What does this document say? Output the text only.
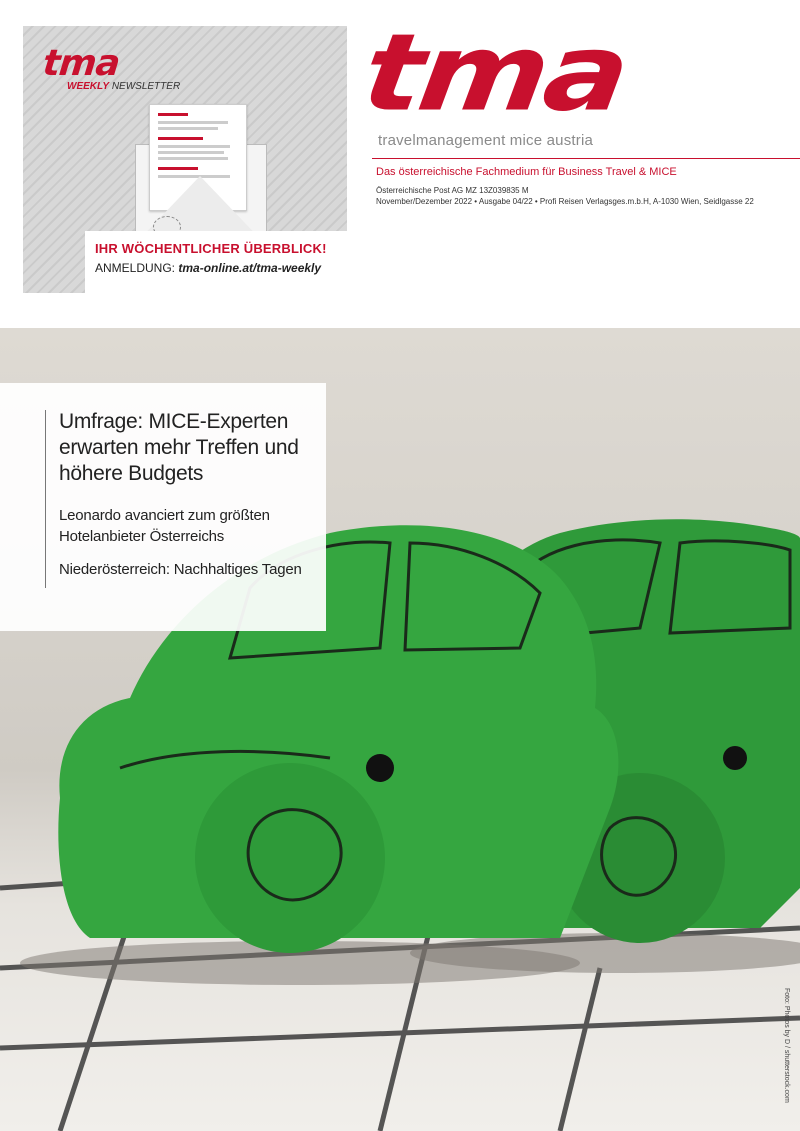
tma
WEEKLY NEWSLETTER
IHR WÖCHENTLICHER ÜBERBLICK!
ANMELDUNG: tma-online.at/tma-weekly
tma
travelmanagement mice austria
Das österreichische Fachmedium für Business Travel & MICE
Österreichische Post AG MZ 13Z039835 M
November/Dezember 2022 • Ausgabe 04/22 • Profi Reisen Verlagsges.m.b.H, A-1030 Wien, Seidlgasse 22
Foto: Photos by D / shutterstock.com
Umfrage: MICE-Experten erwarten mehr Treffen und höhere Budgets
Leonardo avanciert zum größten Hotelanbieter Österreichs
Niederösterreich: Nachhaltiges Tagen
